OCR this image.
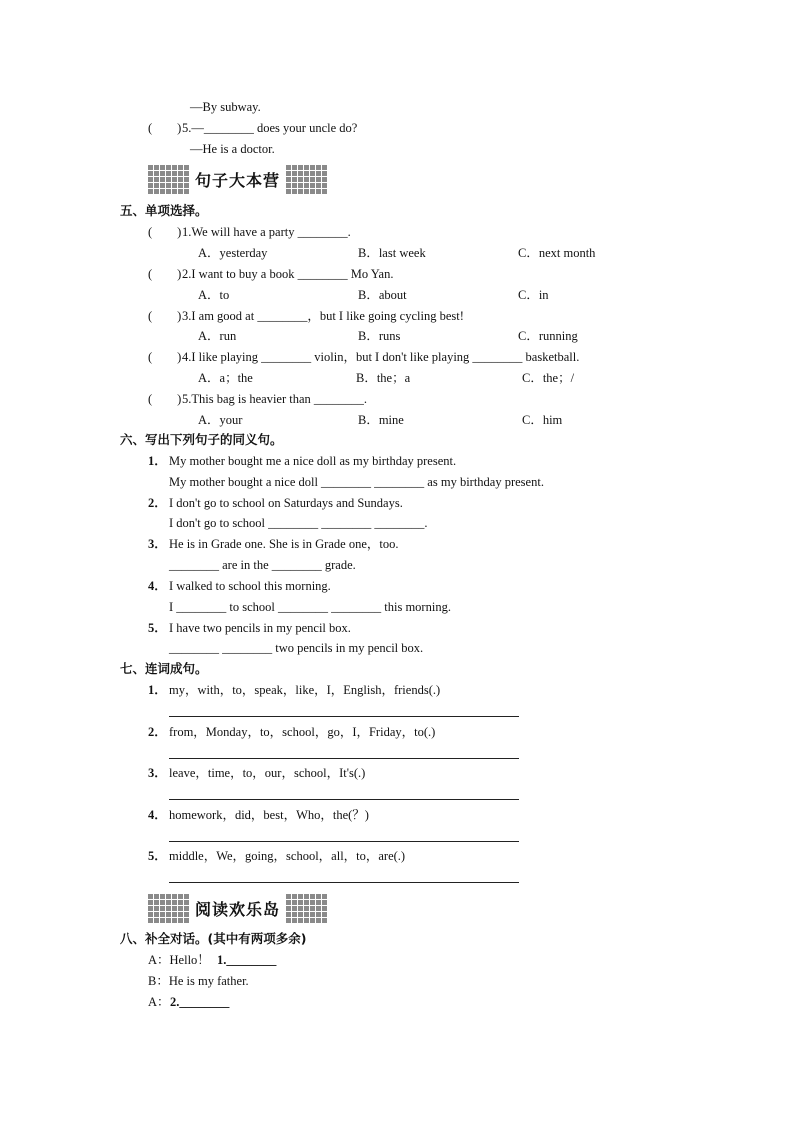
—By subway.
(　　) 5.—________ does your uncle do?
—He is a doctor.
句子大本营
五、单项选择。
(　　) 1.We will have a party ________.
A．yesterday	B．last week	C．next month
(　　) 2.I want to buy a book ________ Mo Yan.
A．to	B．about	C．in
(　　) 3.I am good at ________，but I like going cycling best!
A．run	B．runs	C．running
(　　) 4.I like playing ________ violin，but I don't like playing ________ basketball.
A．a；the	B．the；a	C．the；/
(　　) 5.This bag is heavier than ________.
A．your	B．mine	C．him
六、写出下列句子的同义句。
1． My mother bought me a nice doll as my birthday present.
My mother bought a nice doll ________ ________ as my birthday present.
2． I don't go to school on Saturdays and Sundays.
I don't go to school ________ ________ ________.
3． He is in Grade one. She is in Grade one，too.
________ are in the ________ grade.
4． I walked to school this morning.
I ________ to school ________ ________ this morning.
5． I have two pencils in my pencil box.
________ ________ two pencils in my pencil box.
七、连词成句。
1． my，with，to，speak，like，I，English，friends(.)
2． from，Monday，to，school，go，I，Friday，to(.)
3． leave，time，to，our，school，It's(.)
4． homework，did，best，Who，the(？)
5． middle，We，going，school，all，to，are(.)
阅读欢乐岛
八、补全对话。(其中有两项多余)
A：Hello！ 1.________
B：He is my father.
A： 2.________
